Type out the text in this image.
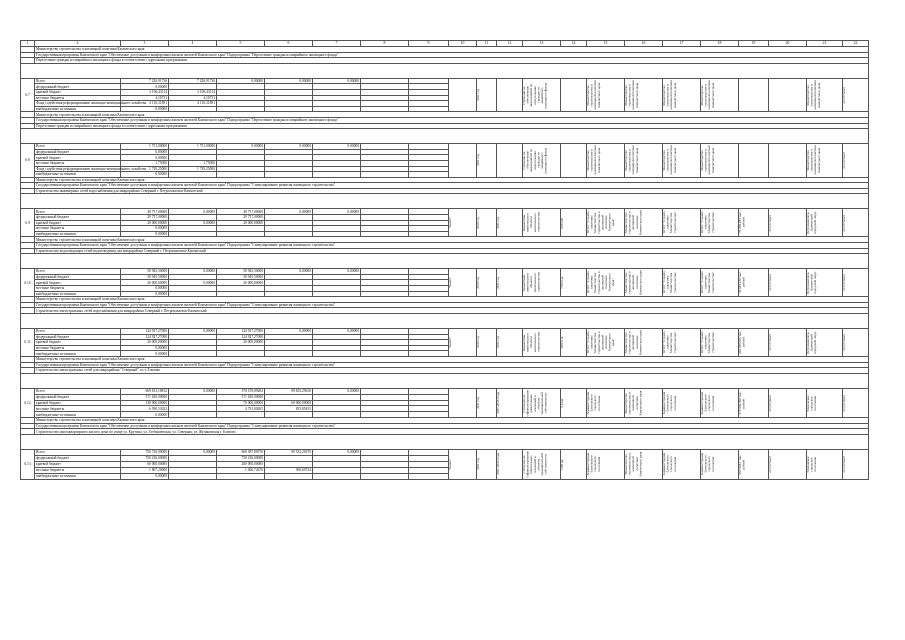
1	2	3	4	5	6	7	8	9	10	11	12	13	14	15	16	17	18	19	20	21	22
	Министерство строительства и жилищной политики Камчатского края																				
	Государственная программа Камчатского края "Обеспечение доступным и комфортным жильем жителей Камчатского края" Подпрограмма "Переселение граждан из аварийного жилищного фонда"																				
	Переселение граждан из аварийного жилищного фонда в соответствии с адресными программами																				

6.7	Всего	7 226,91736	7 226,91736	0,00000	0,00000	0,00000				2021 год		Субсидии на обеспечение мероприятий по переселению граждан из аварийного жилищного фонда		Министерство строительства и жилищной политики Камчатского края	Министерство строительства и жилищной политики Камчатского края	Министерство строительства и жилищной политики Камчатского края	Министерство строительства и жилищной политики Камчатского края			Министерство строительства и жилищной политики Камчатского края	отсутствует

	федеральный бюджет	0,00000																			
	краевой бюджет	3 106,43114	3 106,43114																		
	местные бюджеты	4,16731	4,16731																		
	Фонд содействия реформированию жилищно-коммунального хозяйства	4 116,31891	4 116,31891																		
	внебюджетные источники	0,00000																			
	Министерство строительства и жилищной политики Камчатского края																				
	Государственная программа Камчатского края "Обеспечение доступным и комфортным жильем жителей Камчатского края" Подпрограмма "Переселение граждан из аварийного жилищного фонда"																				
	Переселение граждан из аварийного жилищного фонда в соответствии с адресными программами																				

6.8	Всего	1 751,00000	1 751,00000	0,00000	0,00000	0,00000				2021 год		Субсидии на обеспечение мероприятий по переселению граждан из аварийного жилищного фонда		Министерство строительства и жилищной политики Камчатского края	Министерство строительства и жилищной политики Камчатского края	Министерство строительства и жилищной политики Камчатского края	Министерство строительства и жилищной политики Камчатского края			Министерство строительства и жилищной политики Камчатского края	отсутствует

	федеральный бюджет	0,00000																			
	краевой бюджет	0,00000																			
	местные бюджеты	1,75000	1,75000																		
	Фонд содействия реформированию жилищно-коммунального хозяйства	1 749,25000	1 749,25000																		
	внебюджетные источники	0,00000																			
	Министерство строительства и жилищной политики Камчатского края																				
	Государственная программа Камчатского края "Обеспечение доступным и комфортным жильем жителей Камчатского края" Подпрограмма "Стимулирование развития жилищного строительства"																				
	Строительство инженерных сетей водоснабжения для микрорайона Северный г. Петропавловск-Камчатский																				

6.9	Всего	49 757,00000	0,00000	49 757,00000	0,00000	0,00000			"Канал"	2019 год	2021 год	Бюджетные инвестиции в объекты капитального строительства	6295,00	КГКУ "Служба заказчика Министерства строительства и жилищной политики Камчатского края"	Министерство строительства и жилищной политики Камчатского края	КГКУ "Служба заказчика Министерства строительства"	КГКУ "Служба заказчика Министерства строительства"	79 299,495 тыс. рублей	отсутствует	Петропавловск-Камчатский городской округ	отсутствует

	федеральный бюджет	29 757,00000		29 757,00000																	
	краевой бюджет	20 000,00000	0,00000	20 000,00000																	
	местные бюджеты	0,00000																			
	внебюджетные источники	0,00000																			
	Министерство строительства и жилищной политики Камчатского края																				
	Государственная программа Камчатского края "Обеспечение доступным и комфортным жильем жителей Камчатского края" Подпрограмма "Стимулирование развития жилищного строительства"																				
	Строительство водоотводящих сетей водоотведения для микрорайона Северный г. Петропавловск-Камчатский																				

6.10	Всего	50 945,50000	0,00000	50 945,50000	0,00000	0,00000			"Канал"	2019 год	2021 год	Бюджетные инвестиции в объекты капитального строительства	7760 п.м.	КГКУ "Служба заказчика Министерства строительства и жилищной политики Камчатского края"	Министерство строительства и жилищной политики Камчатского края	КГКУ "Служба заказчика Министерства строительства"	КГКУ "Служба заказчика Министерства строительства"	59 885,239 тыс. рублей	отсутствует	Петропавловск-Камчатский городской округ	отсутствует

	федеральный бюджет	30 945,50000		30 945,50000																	
	краевой бюджет	20 000,00000	0,00000	20 000,00000																	
	местные бюджеты	0,00000																			
	внебюджетные источники	0,00000																			
	Министерство строительства и жилищной политики Камчатского края																				
	Государственная программа Камчатского края "Обеспечение доступным и комфортным жильем жителей Камчатского края" Подпрограмма "Стимулирование развития жилищного строительства"																				
	Строительство магистральных сетей водоснабжения для микрорайона Северный г. Петропавловск-Камчатский																				

6.11	Всего	144 927,27000	0,00000	144 927,27000	0,00000	0,00000			"Канал"	2019 год	2021 год	Бюджетные инвестиции в объекты капитального строительства	5200 п.м.	КГКУ "Служба заказчика Министерства строительства и жилищной политики Камчатского края"	Министерство строительства и жилищной политики Камчатского края	КГКУ "Служба заказчика Министерства строительства"	КГКУ "Служба заказчика Министерства строительства"	349 099,095 тыс. рублей	отсутствует	Петропавловск-Камчатский городской округ	отсутствует

	федеральный бюджет	124 927,27000		124 927,27000																	
	краевой бюджет	20 000,00000		20 000,00000																	
	местные бюджеты	0,00000																			
	внебюджетные источники	0,00000																			
	Министерство строительства и жилищной политики Камчатского края																				
	Государственная программа Камчатского края "Обеспечение доступным и комфортным жильем жителей Камчатского края" Подпрограмма "Стимулирование развития жилищного строительства"																				
	Строительство магистральных сетей для микрорайона "Северный" п.г.т. Елизово																				

6.12	Всего	669 813,18812	0,00000	570 159,89202	99 653,29610	0,00000				2021 год	2021-2023 годы	Субсидии на софинансирование капитальных вложений в объекты муниципальной собственности	6,8 км	Администрация Елизовского городского поселения	Министерство строительства и жилищной политики Камчатского края	Администрация Елизовского городского поселения	Администрация Елизовского городского поселения	675 989,500 тыс. рублей	отсутствует	Елизовское городское поселение	отсутствует

	федеральный бюджет	571 650,00000		571 650,00000																	
	краевой бюджет	130 000,00000		70 000,00000	60 000,00000																
	местные бюджеты	6 590,53022		4 791,80205	855,85815																
	внебюджетные источники	0,00000																			
	Министерство строительства и жилищной политики Камчатского края																				
	Государственная программа Камчатского края "Обеспечение доступным и комфортным жильем жителей Камчатского края" Подпрограмма "Стимулирование развития жилищного строительства"																				
	Строительство многоквартирного жилого дома по улице ул. Крутина, ул. Глебышевская, ул. Северная, ул. Жупановская г. Елизово																				

6.13	Всего	750 720,00000	0,00000	960 387,80576	99 532,20370	0,00000			"Канал"	2021 год	2021-2023 годы	Субсидии на софинансирование капитальных вложений в объекты муниципальной собственности	7200 кв.	Администрация Елизовского городского поселения	Министерство строительства и жилищной политики Камчатского края	Администрация Елизовского городского поселения	Администрация Елизовского городского поселения	960 928,1 тыс. рублей	отсутствует	Елизовское городское поселение	отсутствует

	федеральный бюджет	750 416,00000		750 416,00000																	
	краевой бюджет	60 000,00000		200 000,00000																	
	местные бюджеты	1 807,20000		1 406,72676	300,69724																
	внебюджетные источники	0,00000																			
